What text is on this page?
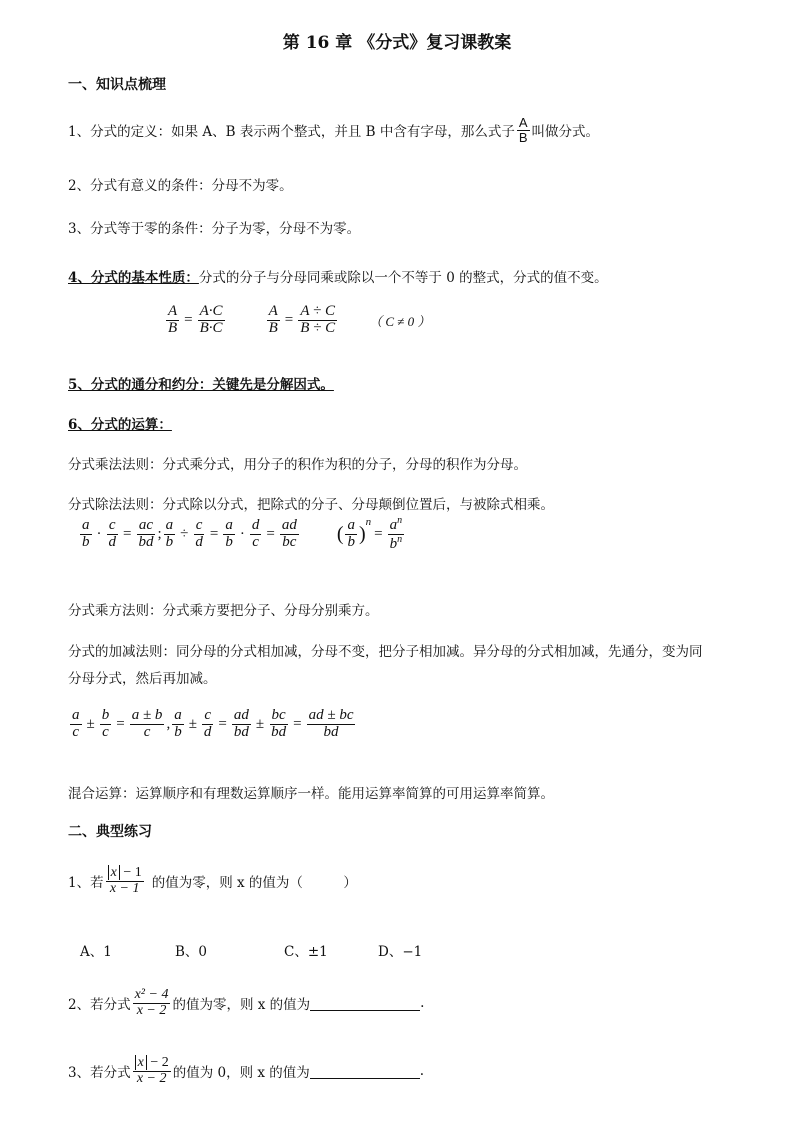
第 16 章 《分式》复习课教案
一、知识点梳理
1、分式的定义：如果 A、B 表示两个整式，并且 B 中含有字母，那么式子 $\frac{A}{B}$ 叫做分式。
2、分式有意义的条件：分母不为零。
3、分式等于零的条件：分子为零，分母不为零。
4、分式的基本性质：分式的分子与分母同乘或除以一个不等于 0 的整式，分式的值不变。
$\frac{A}{B} = \frac{A\cdot C}{B\cdot C}$	$\frac{A}{B} = \frac{A \div C}{B \div C}$ （ C ≠ 0 ）
5、分式的通分和约分：关键先是分解因式。
6、分式的运算：
分式乘法法则：分式乘分式，用分子的积作为积的分子，分母的积作为分母。
分式除法法则：分式除以分式，把除式的分子、分母颠倒位置后，与被除式相乘。
$\frac{a}{b} \cdot \frac{c}{d} = \frac{ac}{bd}$ ; $\frac{a}{b} \div \frac{c}{d} = \frac{a}{b} \cdot \frac{d}{c} = \frac{ad}{bc}$ ( $\frac{a}{b}$ )
$^n$
= $\frac{a^n}{b^n}$
分式乘方法则：分式乘方要把分子、分母分别乘方。
分式的加减法则：同分母的分式相加减，分母不变，把分子相加减。异分母的分式相加减，先通分，变为同
分母分式，然后再加减。
$\frac{a}{c} \pm \frac{b}{c} = \frac{a \pm b}{c}$ , $\frac{a}{b} \pm \frac{c}{d} = \frac{ad}{bd} \pm \frac{bc}{bd} = \frac{ad \pm bc}{bd}$
混合运算：运算顺序和有理数运算顺序一样。能用运算率简算的可用运算率简算。
二、典型练习
1、若 $\frac{x - 1}{x - 1}$ 的值为零，则 x 的值为（　　　）
A、1	B、0	C、±1	D、−1
2、若分式 $\frac{\text{x² − 4}}{x - 2}$ 的值为零，则 x 的值为	.
3、若分式 $\frac{x - 2}{x - 2}$ 的值为 0，则 x 的值为	.
